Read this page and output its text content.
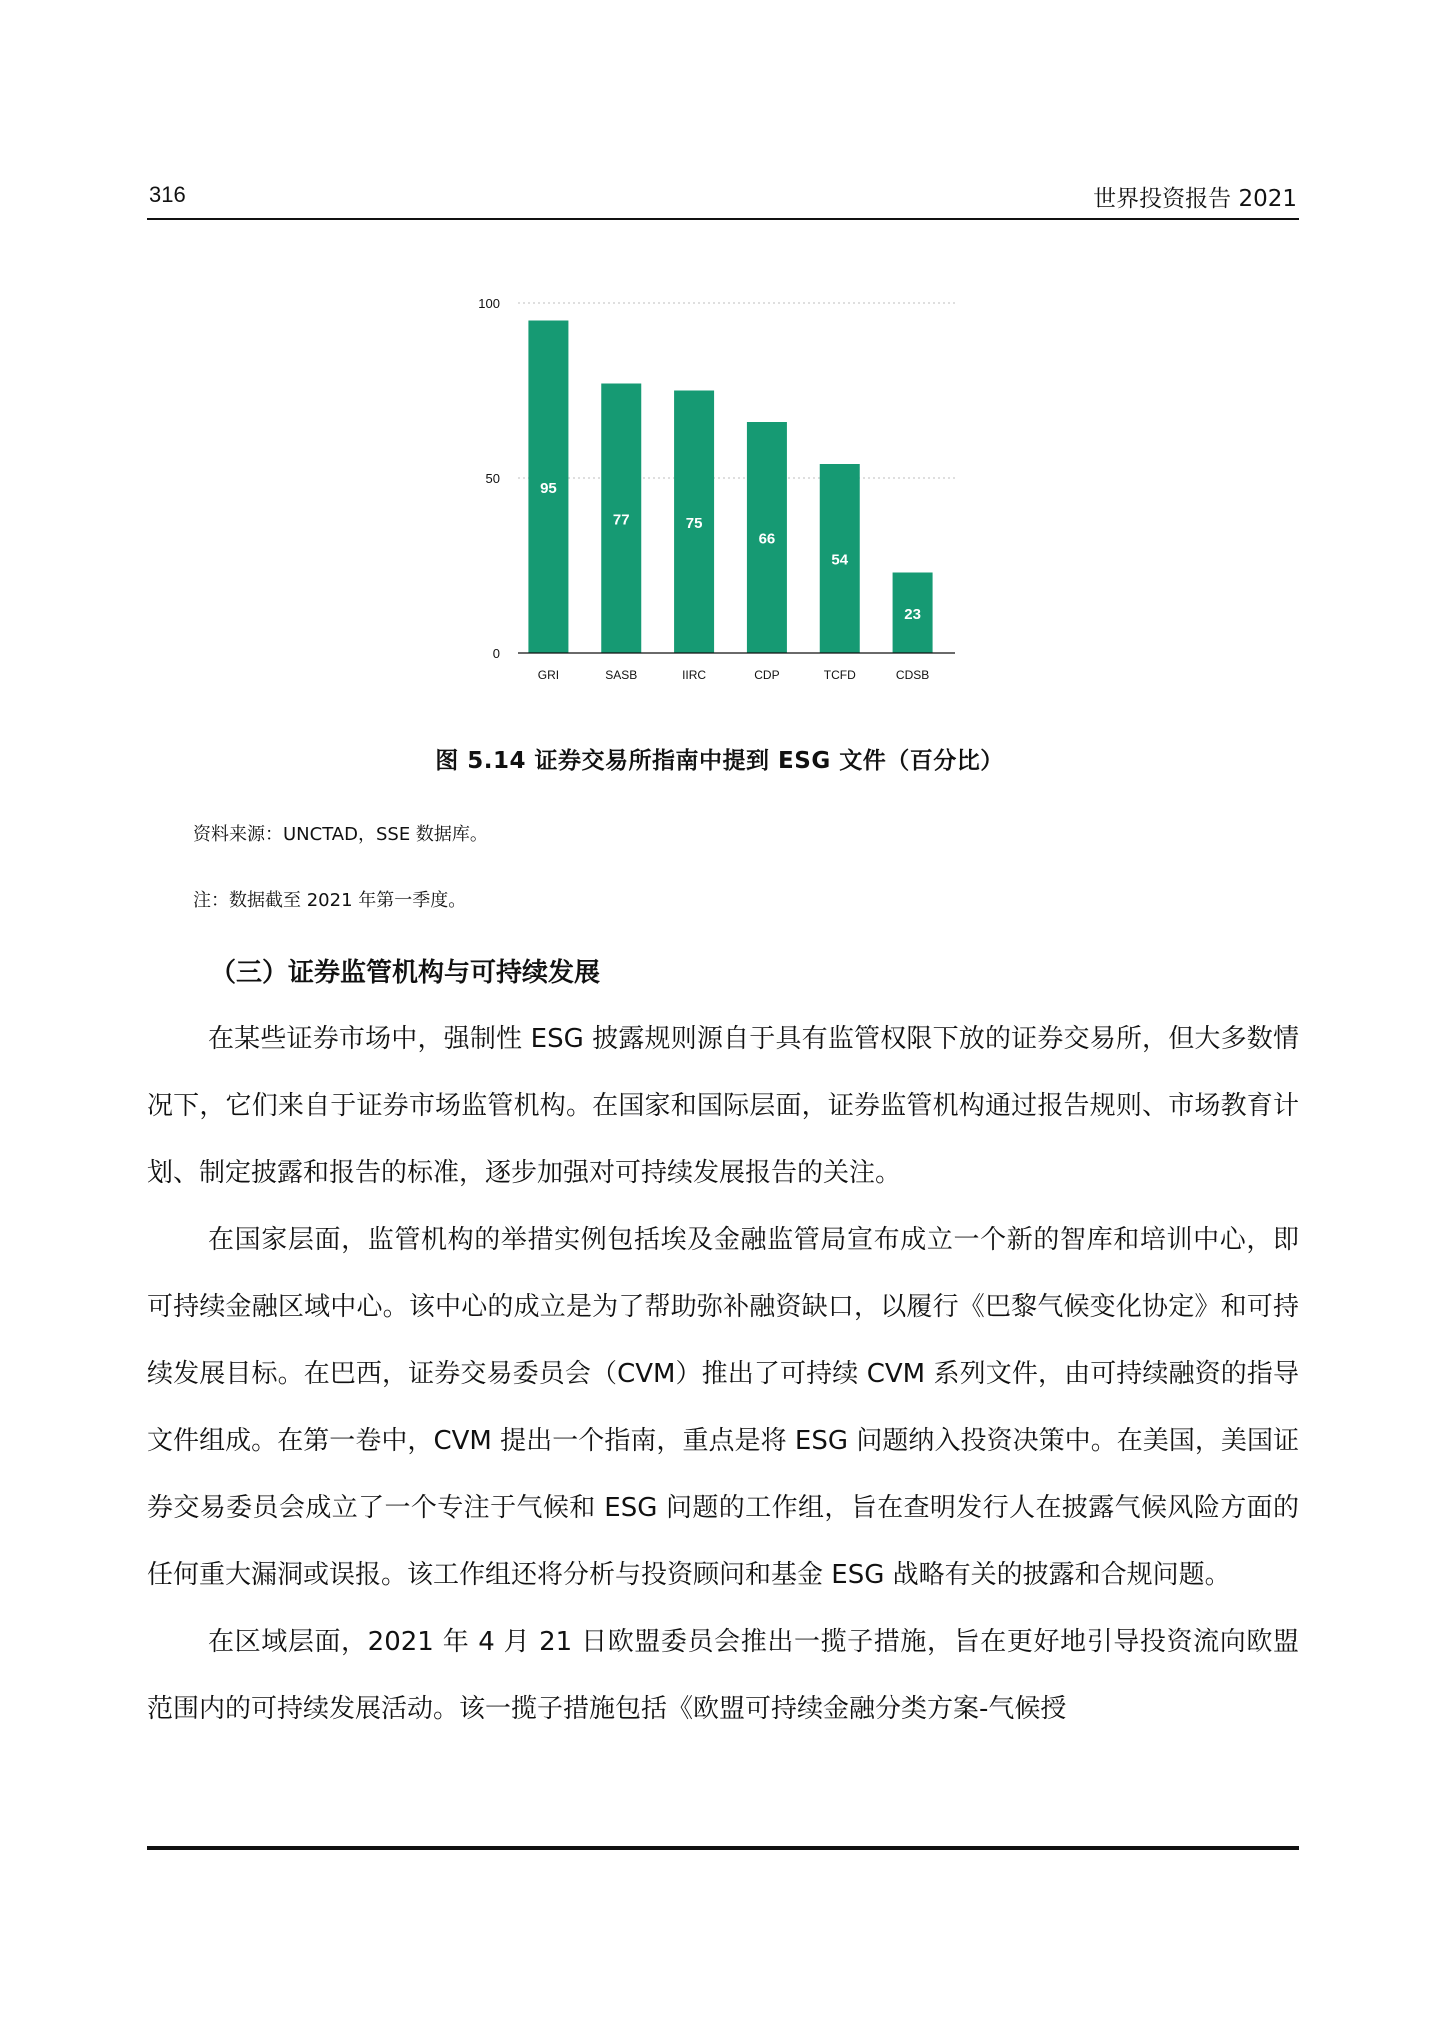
316	世界投资报告 2021
0
50
100
95
GRI
77
SASB
75
IIRC
66
CDP
54
TCFD
23
CDSB
图 5.14 证券交易所指南中提到 ESG 文件（百分比）
资料来源：UNCTAD，SSE 数据库。
注：数据截至 2021 年第一季度。
（三）证券监管机构与可持续发展

在某些证券市场中，强制性 ESG 披露规则源自于具有监管权限下放的证券交易所，但大多数情况下，它们来自于证券市场监管机构。在国家和国际层面，证券监管机构通过报告规则、市场教育计划、制定披露和报告的标准，逐步加强对可持续发展报告的关注。

在国家层面，监管机构的举措实例包括埃及金融监管局宣布成立一个新的智库和培训中心，即可持续金融区域中心。该中心的成立是为了帮助弥补融资缺口，以履行《巴黎气候变化协定》和可持续发展目标。在巴西，证券交易委员会（CVM）推出了可持续 CVM 系列文件，由可持续融资的指导文件组成。在第一卷中，CVM 提出一个指南，重点是将 ESG 问题纳入投资决策中。在美国，美国证券交易委员会成立了一个专注于气候和 ESG 问题的工作组，旨在查明发行人在披露气候风险方面的任何重大漏洞或误报。该工作组还将分析与投资顾问和基金 ESG 战略有关的披露和合规问题。

在区域层面，2021 年 4 月 21 日欧盟委员会推出一揽子措施，旨在更好地引导投资流向欧盟范围内的可持续发展活动。该一揽子措施包括《欧盟可持续金融分类方案-气候授
